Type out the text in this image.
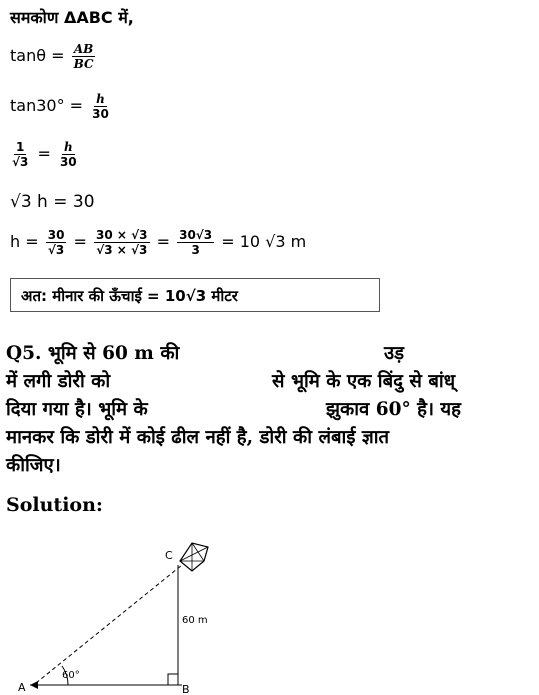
समकोण ΔABC में,
$\tan\theta = \frac{AB}{BC}$
$\tan 30^\circ = \frac{h}{30}$
$\frac{1}{√3} = \frac{h}{30}$
√3 h = 30
$h = \frac{30}{√3} = \frac{30 \times √3}{√3 \times √3} = \frac{30√3}{3} = 10$ √3 m
अत: मीनार की ऊँचाई = 10√3 मीटर
Q5. भूमि से 60 m की	उड़
में लगी डोरी को	से भूमि के एक बिंदु से बांध्
दिया गया है। भूमि के	झुकाव 60° है। यह
मानकर कि डोरी में कोई ढील नहीं है, डोरी की लंबाई ज्ञात
कीजिए।
Solution:
C
A	B
60 m
60°
